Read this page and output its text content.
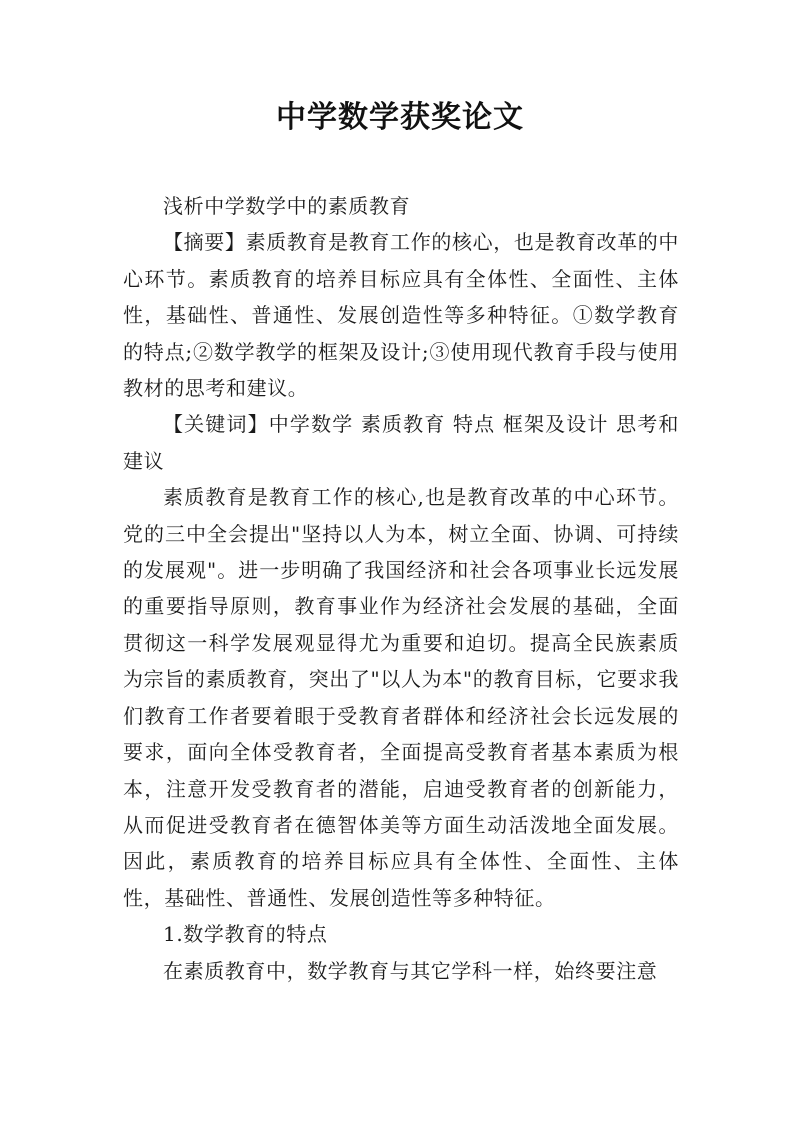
中学数学获奖论文

浅析中学数学中的素质教育

【摘要】素质教育是教育工作的核心，也是教育改革的中心环节。素质教育的培养目标应具有全体性、全面性、主体性，基础性、普通性、发展创造性等多种特征。①数学教育的特点;②数学教学的框架及设计;③使用现代教育手段与使用教材的思考和建议。

【关键词】中学数学 素质教育 特点 框架及设计 思考和建议

素质教育是教育工作的核心,也是教育改革的中心环节。党的三中全会提出"坚持以人为本，树立全面、协调、可持续的发展观"。进一步明确了我国经济和社会各项事业长远发展的重要指导原则，教育事业作为经济社会发展的基础，全面贯彻这一科学发展观显得尤为重要和迫切。提高全民族素质为宗旨的素质教育，突出了"以人为本"的教育目标，它要求我们教育工作者要着眼于受教育者群体和经济社会长远发展的要求，面向全体受教育者，全面提高受教育者基本素质为根本，注意开发受教育者的潜能，启迪受教育者的创新能力，从而促进受教育者在德智体美等方面生动活泼地全面发展。因此，素质教育的培养目标应具有全体性、全面性、主体性，基础性、普通性、发展创造性等多种特征。

1.数学教育的特点

在素质教育中，数学教育与其它学科一样，始终要注意
